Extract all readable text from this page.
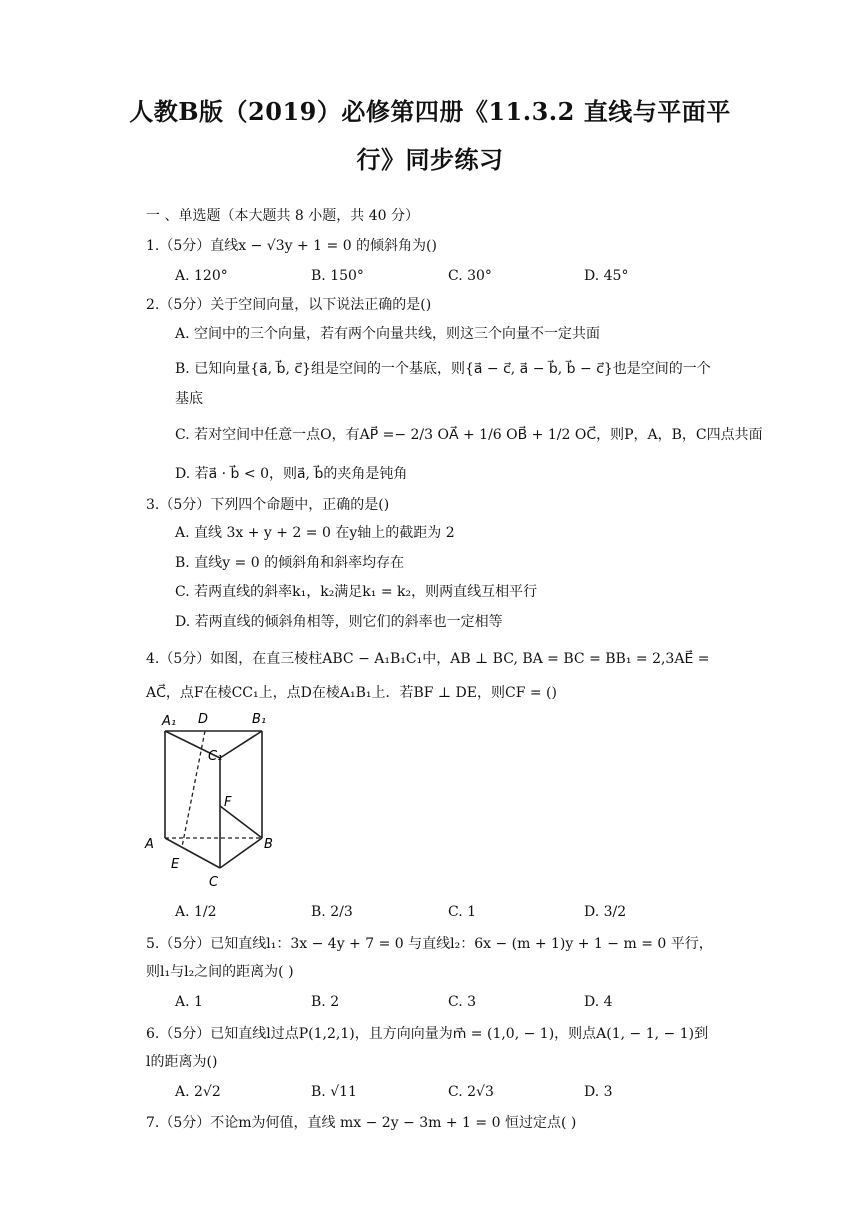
人教B版（2019）必修第四册《11.3.2 直线与平面平
行》同步练习
一 、单选题（本大题共 8 小题，共 40 分）
1.（5分）直线x − √3y + 1 = 0 的倾斜角为()
A. 120°	B. 150°	C. 30°	D. 45°
2.（5分）关于空间向量，以下说法正确的是()
A. 空间中的三个向量，若有两个向量共线，则这三个向量不一定共面
B. 已知向量{a⃗, b⃗, c⃗}组是空间的一个基底，则{a⃗ − c⃗, a⃗ − b⃗, b⃗ − c⃗}也是空间的一个
基底
C. 若对空间中任意一点O，有AP⃗ =− 2/3 OA⃗ + 1/6 OB⃗ + 1/2 OC⃗，则P，A，B，C四点共面
D. 若a⃗ · b⃗ < 0，则a⃗, b⃗的夹角是钝角
3.（5分）下列四个命题中，正确的是()
A. 直线 3x + y + 2 = 0 在y轴上的截距为 2
B. 直线y = 0 的倾斜角和斜率均存在
C. 若两直线的斜率k₁，k₂满足k₁ = k₂，则两直线互相平行
D. 若两直线的倾斜角相等，则它们的斜率也一定相等
4.（5分）如图，在直三棱柱ABC − A₁B₁C₁中，AB ⊥ BC, BA = BC = BB₁ = 2,3AE⃗ =
AC⃗，点F在棱CC₁上，点D在棱A₁B₁上．若BF ⊥ DE，则CF = ()
A₁ D	B₁
C₁
F
A	B
E
C
A. 1/2	B. 2/3	C. 1	D. 3/2
5.（5分）已知直线l₁：3x − 4y + 7 = 0 与直线l₂：6x − (m + 1)y + 1 − m = 0 平行，
则l₁与l₂之间的距离为( )
A. 1	B. 2	C. 3	D. 4
6.（5分）已知直线l过点P(1,2,1)，且方向向量为m⃗ = (1,0, − 1)，则点A(1, − 1, − 1)到
l的距离为()
A. 2√2	B. √11	C. 2√3	D. 3
7.（5分）不论m为何值，直线 mx − 2y − 3m + 1 = 0 恒过定点( )
